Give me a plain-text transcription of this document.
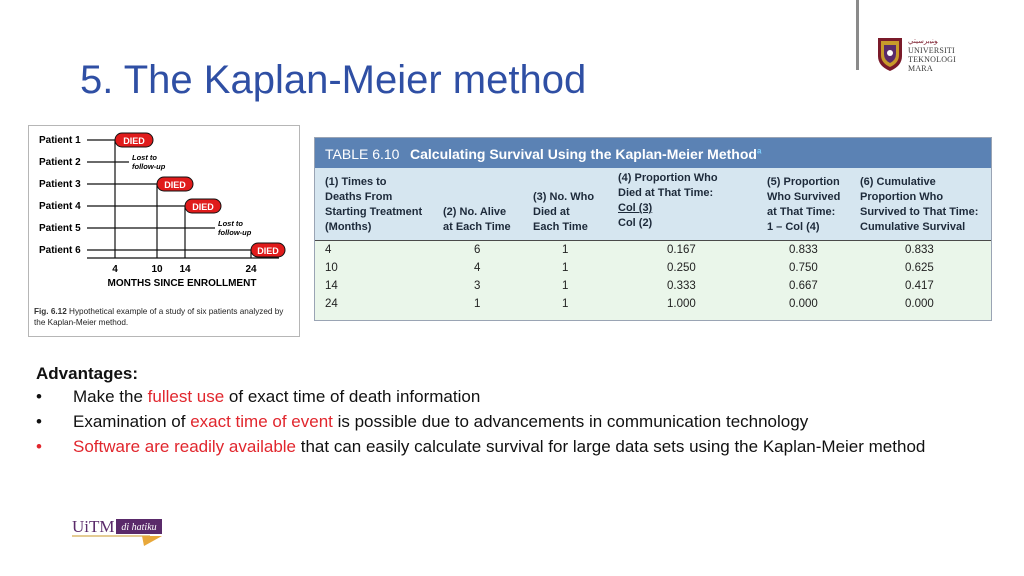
ﻮﻨﻴﺑﺮﺳﻴﺘﻲ
UNIVERSITI
TEKNOLOGI
MARA
5. The Kaplan-Meier method
Patient 1
Patient 2
Patient 3
Patient 4
Patient 5
Patient 6
DIED
DIED
DIED
DIED
Lost to
follow-up
Lost to
follow-up
4	10 14	24
MONTHS SINCE ENROLLMENT
Fig. 6.12 Hypothetical example of a study of six patients analyzed by the Kaplan-Meier method.
TABLE 6.10 Calculating Survival Using the Kaplan-Meier Method$^a$
(1) Times to
Deaths From
Starting Treatment
(Months)
(2) No. Alive
at Each Time
(3) No. Who
Died at
Each Time
(4) Proportion Who
Died at That Time:
Col (3)
Col (2)
(5) Proportion
Who Survived
at That Time:
1 – Col (4)
(6) Cumulative
Proportion Who
Survived to That Time:
Cumulative Survival
4	6	1	0.167	0.833	0.833
10	4	1	0.250	0.750	0.625
14	3	1	0.333	0.667	0.417
24	1	1	1.000	0.000	0.000
Advantages:
• Make the fullest use of exact time of death information
• Examination of exact time of event is possible due to advancements in communication technology
• Software are readily available that can easily calculate survival for large data sets using the Kaplan-Meier method
UiTM di hatiku
